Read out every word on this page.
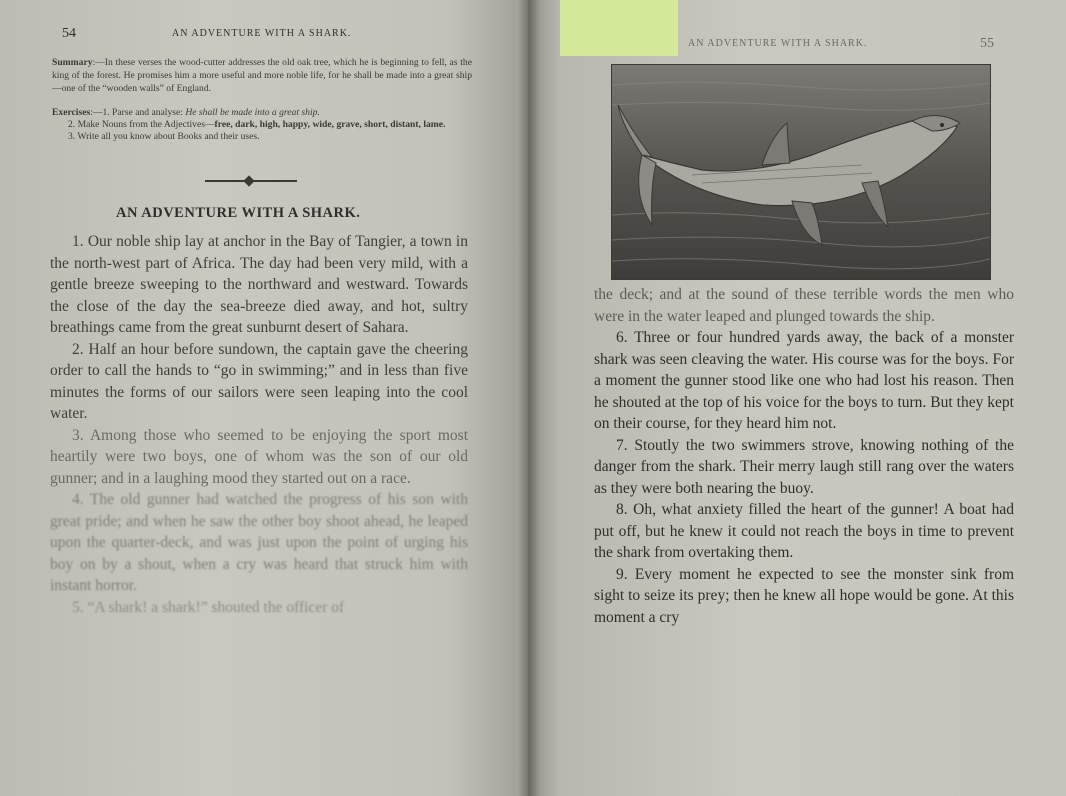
54	AN ADVENTURE WITH A SHARK.
Summary:—In these verses the wood-cutter addresses the old oak tree, which he is beginning to fell, as the king of the forest. He promises him a more useful and more noble life, for he shall be made into a great ship—one of the “wooden walls” of England.

Exercises:—1. Parse and analyse: He shall be made into a great ship.

2. Make Nouns from the Adjectives—free, dark, high, happy, wide, grave, short, distant, lame.

3. Write all you know about Books and their uses.

AN ADVENTURE WITH A SHARK.

1. Our noble ship lay at anchor in the Bay of Tangier, a town in the north-west part of Africa. The day had been very mild, with a gentle breeze sweeping to the northward and westward. Towards the close of the day the sea-breeze died away, and hot, sultry breathings came from the great sunburnt desert of Sahara.

2. Half an hour before sundown, the captain gave the cheering order to call the hands to “go in swimming;” and in less than five minutes the forms of our sailors were seen leaping into the cool water.

3. Among those who seemed to be enjoying the sport most heartily were two boys, one of whom was the son of our old gunner; and in a laughing mood they started out on a race.

4. The old gunner had watched the progress of his son with great pride; and when he saw the other boy shoot ahead, he leaped upon the quarter-deck, and was just upon the point of urging his boy on by a shout, when a cry was heard that struck him with instant horror.

5. “A shark! a shark!” shouted the officer of

AN ADVENTURE WITH A SHARK.	55

the deck; and at the sound of these terrible words the men who were in the water leaped and plunged towards the ship.

6. Three or four hundred yards away, the back of a monster shark was seen cleaving the water. His course was for the boys. For a moment the gunner stood like one who had lost his reason. Then he shouted at the top of his voice for the boys to turn. But they kept on their course, for they heard him not.

7. Stoutly the two swimmers strove, knowing nothing of the danger from the shark. Their merry laugh still rang over the waters as they were both nearing the buoy.

8. Oh, what anxiety filled the heart of the gunner! A boat had put off, but he knew it could not reach the boys in time to prevent the shark from overtaking them.

9. Every moment he expected to see the monster sink from sight to seize its prey; then he knew all hope would be gone. At this moment a cry
